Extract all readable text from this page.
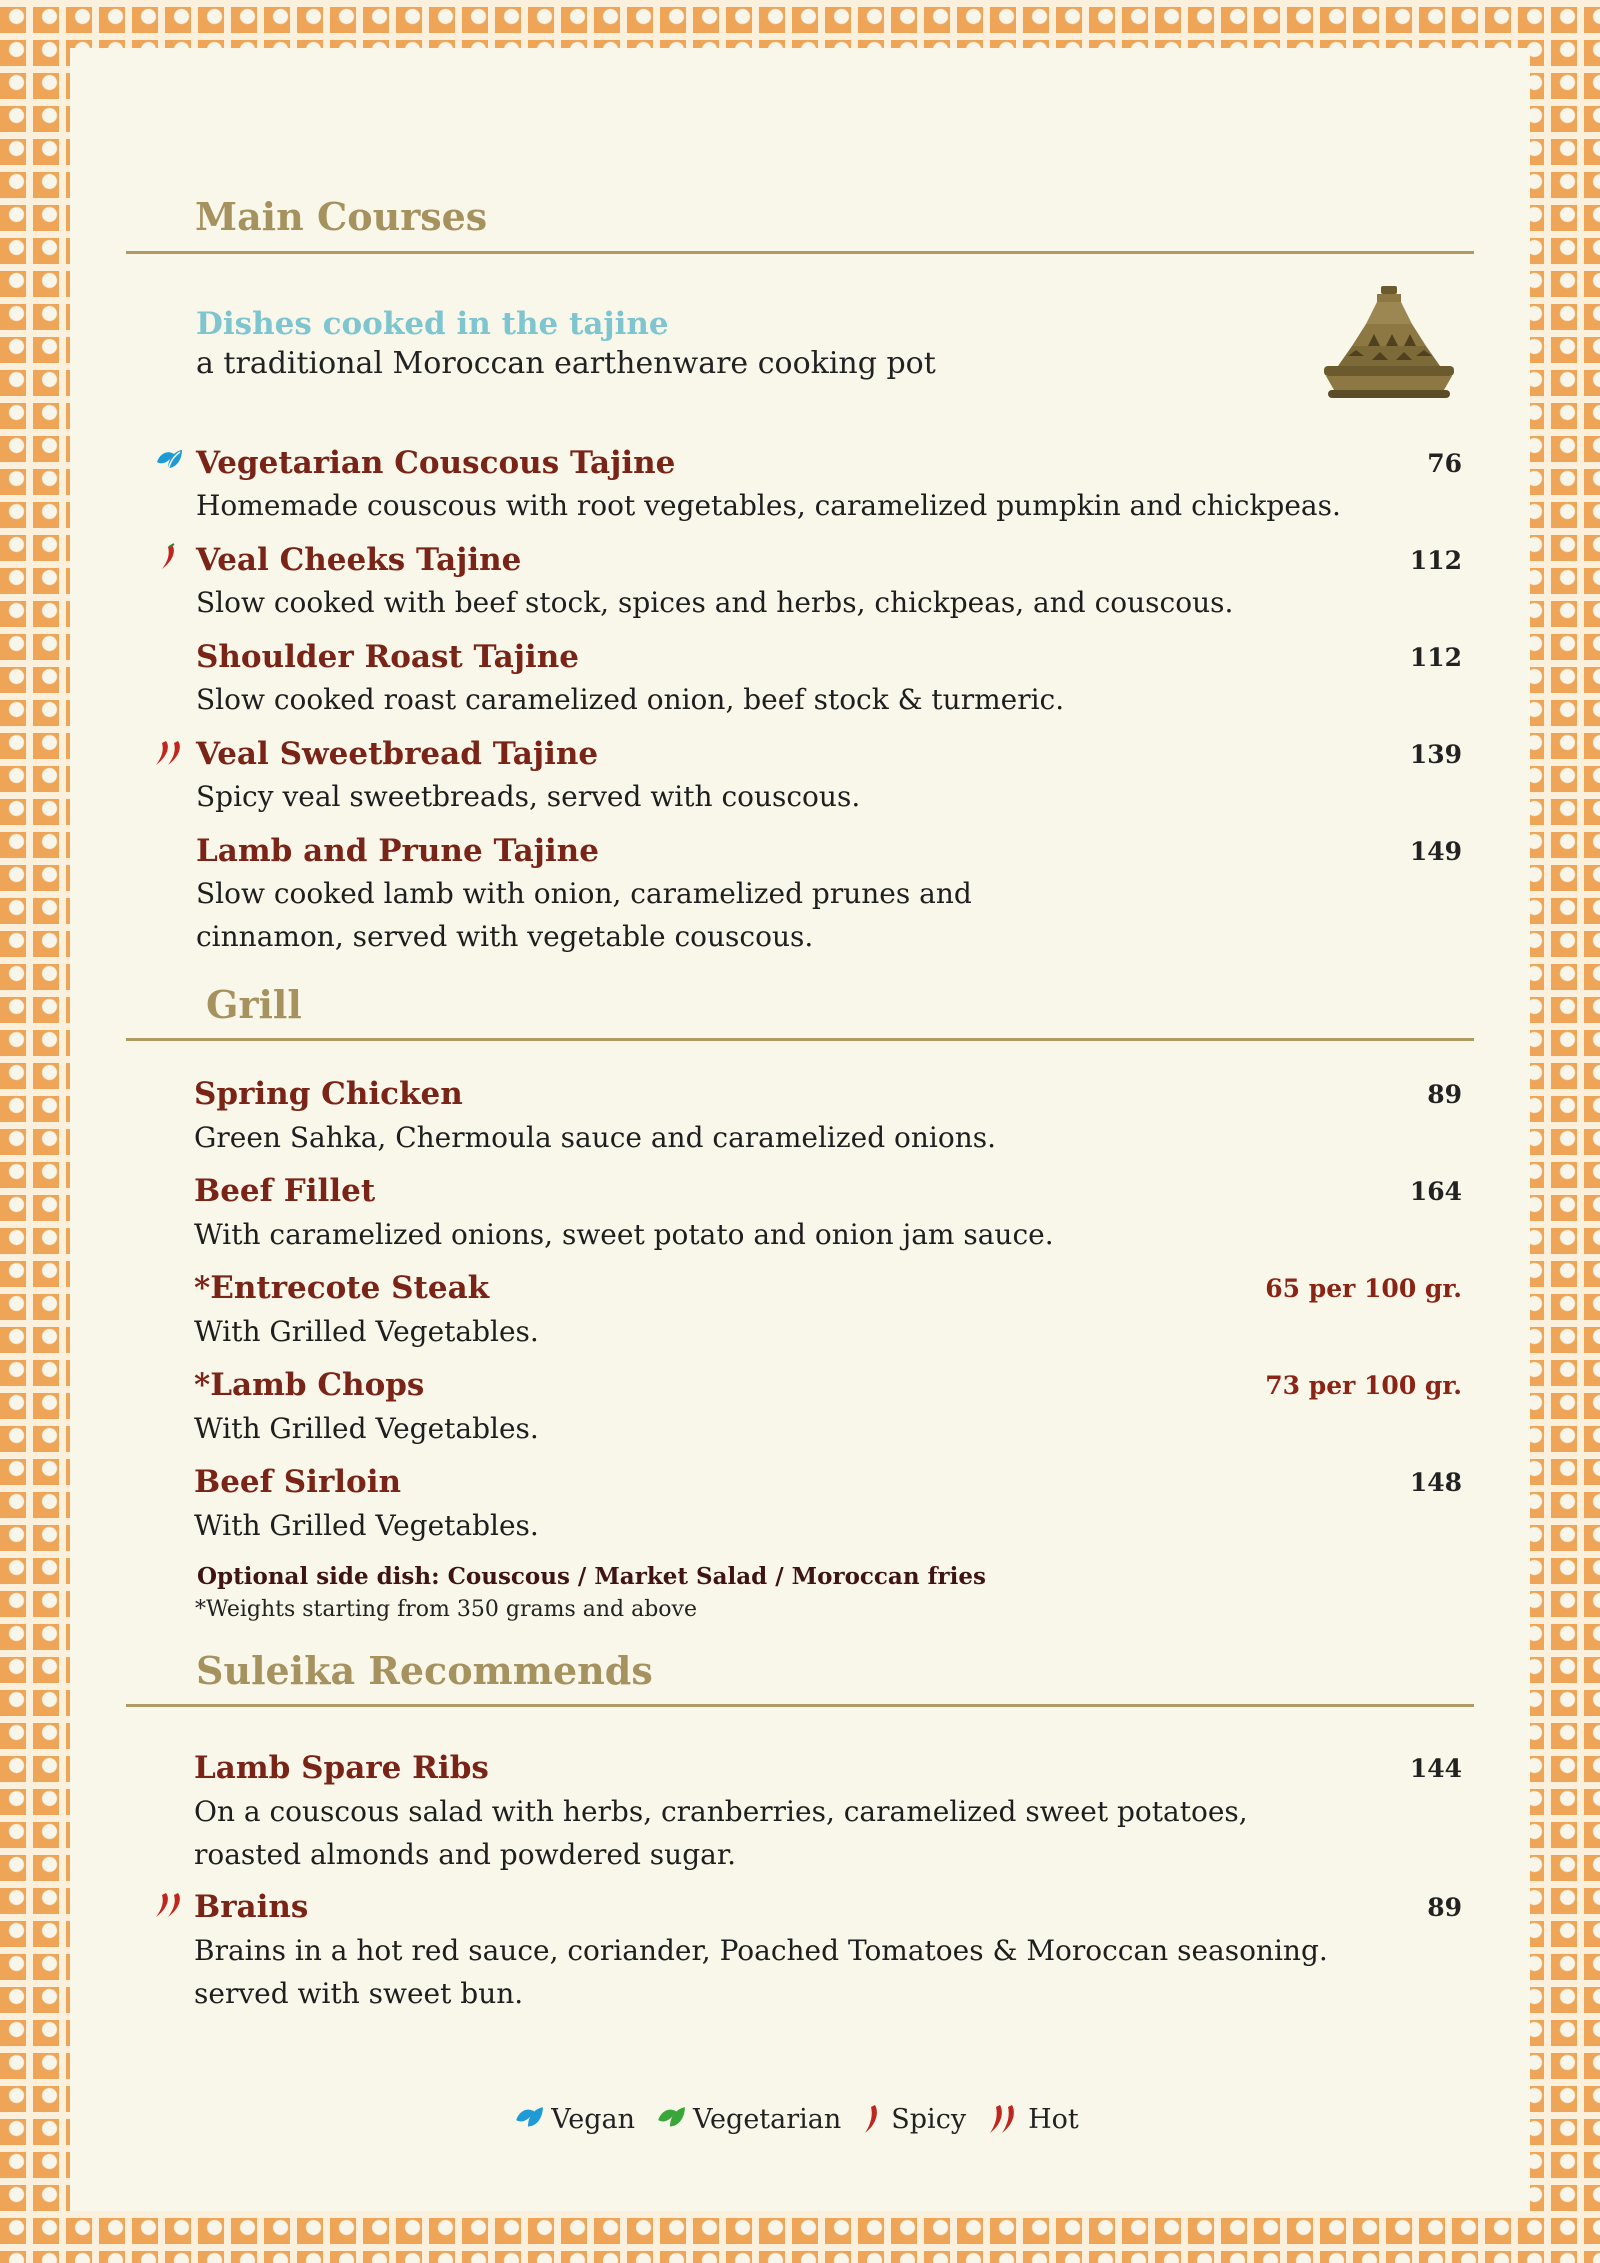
Main Courses
Dishes cooked in the tajine
a traditional Moroccan earthenware cooking pot
Vegetarian Couscous Tajine	76
Homemade couscous with root vegetables, caramelized pumpkin and chickpeas.
Veal Cheeks Tajine	112
Slow cooked with beef stock, spices and herbs, chickpeas, and couscous.
Shoulder Roast Tajine	112
Slow cooked roast caramelized onion, beef stock & turmeric.
Veal Sweetbread Tajine	139
Spicy veal sweetbreads, served with couscous.
Lamb and Prune Tajine	149
Slow cooked lamb with onion, caramelized prunes and
cinnamon, served with vegetable couscous.
Grill
Spring Chicken	89
Green Sahka, Chermoula sauce and caramelized onions.
Beef Fillet	164
With caramelized onions, sweet potato and onion jam sauce.
*Entrecote Steak	65 per 100 gr.
With Grilled Vegetables.
*Lamb Chops	73 per 100 gr.
With Grilled Vegetables.
Beef Sirloin	148
With Grilled Vegetables.
Optional side dish: Couscous / Market Salad / Moroccan fries
*Weights starting from 350 grams and above
Suleika Recommends
Lamb Spare Ribs	144
On a couscous salad with herbs, cranberries, caramelized sweet potatoes,
roasted almonds and powdered sugar.
Brains	89
Brains in a hot red sauce, coriander, Poached Tomatoes & Moroccan seasoning.
served with sweet bun.
Vegan Vegetarian Spicy Hot
